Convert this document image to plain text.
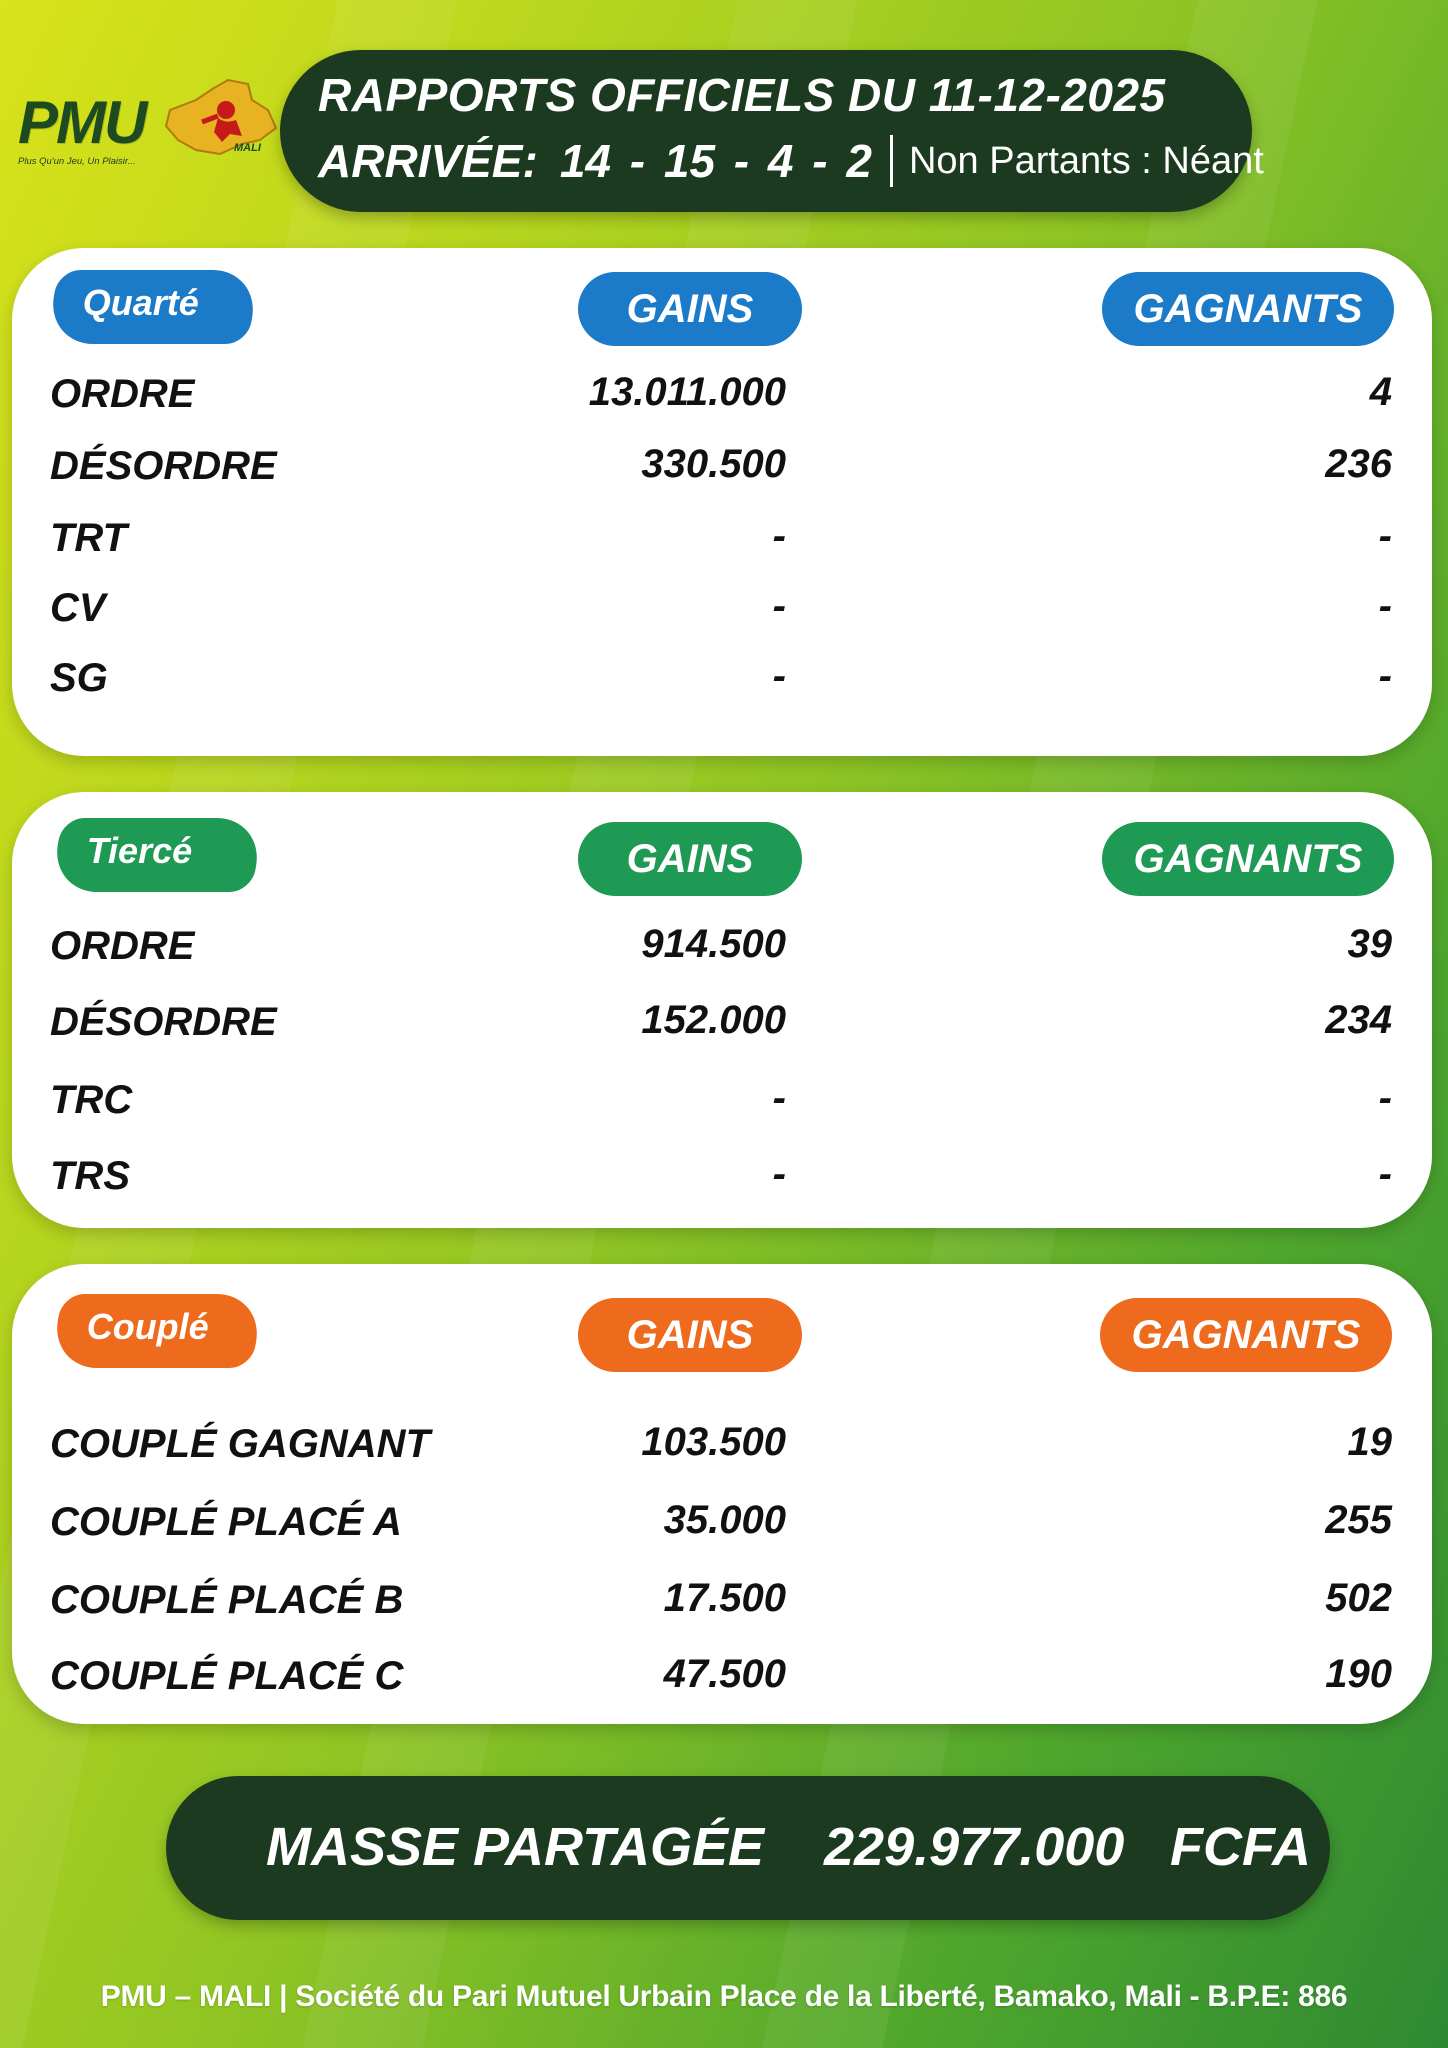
PMU	MALI
Plus Qu'un Jeu, Un Plaisir...
RAPPORTS OFFICIELS DU 11-12-2025
ARRIVÉE: 14 - 15 - 4 - 2 Non Partants : Néant
Quarté	GAINS	GAGNANTS
ORDRE	13.011.000	4
DÉSORDRE	330.500	236
TRT	-	-
CV	-	-
SG	-	-
Tiercé	GAINS	GAGNANTS
ORDRE	914.500	39
DÉSORDRE	152.000	234
TRC	-	-
TRS	-	-
Couplé	GAINS	GAGNANTS
COUPLÉ GAGNANT	103.500	19
COUPLÉ PLACÉ A	35.000	255
COUPLÉ PLACÉ B	17.500	502
COUPLÉ PLACÉ C	47.500	190
MASSE PARTAGÉE 229.977.000 FCFA
PMU – MALI | Société du Pari Mutuel Urbain Place de la Liberté, Bamako, Mali - B.P.E: 886
